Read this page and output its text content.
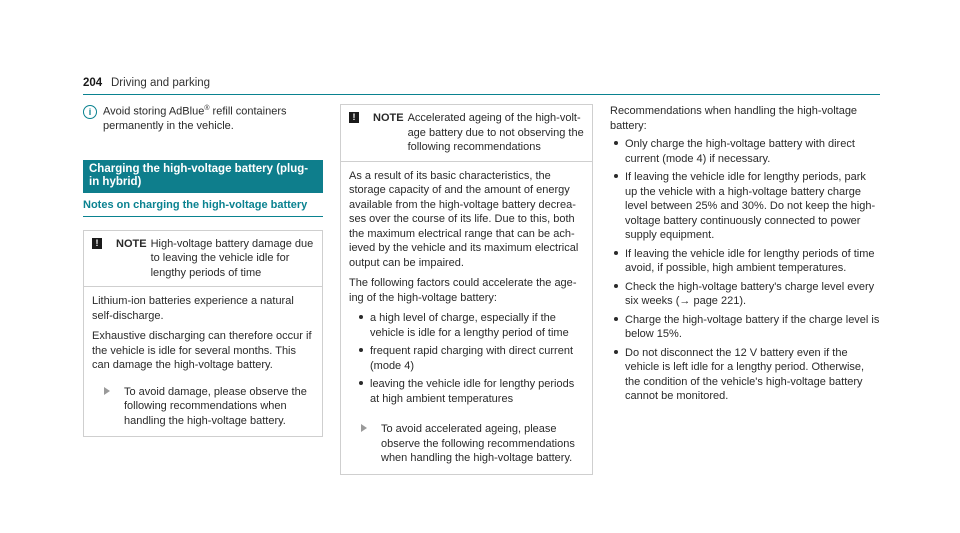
204 Driving and parking
i	Avoid storing AdBlue® refill containers permanently in the vehicle.
Charging the high-voltage battery (plug-in hybrid)
Notes on charging the high-voltage battery
!	NOTE High-voltage battery damage due to leaving the vehicle idle for lengthy periods of time

Lithium-ion batteries experience a natural self-discharge.

Exhaustive discharging can therefore occur if the vehicle is idle for several months. This can damage the high-voltage battery.

To avoid damage, please observe the following recommendations when handling the high-voltage battery.
!	NOTE Accelerated ageing of the high-voltage battery due to not observing the following recommendations

As a result of its basic characteristics, the storage capacity of and the amount of energy available from the high-voltage battery decreases over the course of its life. Due to this, both the maximum electrical range that can be achieved by the vehicle and its maximum electrical output can be impaired.

The following factors could accelerate the ageing of the high-voltage battery:

a high level of charge, especially if the vehicle is idle for a lengthy period of time
frequent rapid charging with direct current (mode 4)
leaving the vehicle idle for lengthy periods at high ambient temperatures
To avoid accelerated ageing, please observe the following recommendations when handling the high-voltage battery.
Recommendations when handling the high-voltage battery:
Only charge the high-voltage battery with direct current (mode 4) if necessary.
If leaving the vehicle idle for lengthy periods, park up the vehicle with a high-voltage battery charge level between 25% and 30%. Do not keep the high-voltage battery continuously connected to power supply equipment.
If leaving the vehicle idle for lengthy periods of time avoid, if possible, high ambient temperatures.
Check the high-voltage battery's charge level every six weeks (→ page 221).
Charge the high-voltage battery if the charge level is below 15%.
Do not disconnect the 12 V battery even if the vehicle is left idle for a lengthy period. Otherwise, the condition of the vehicle's high-voltage battery cannot be monitored.
